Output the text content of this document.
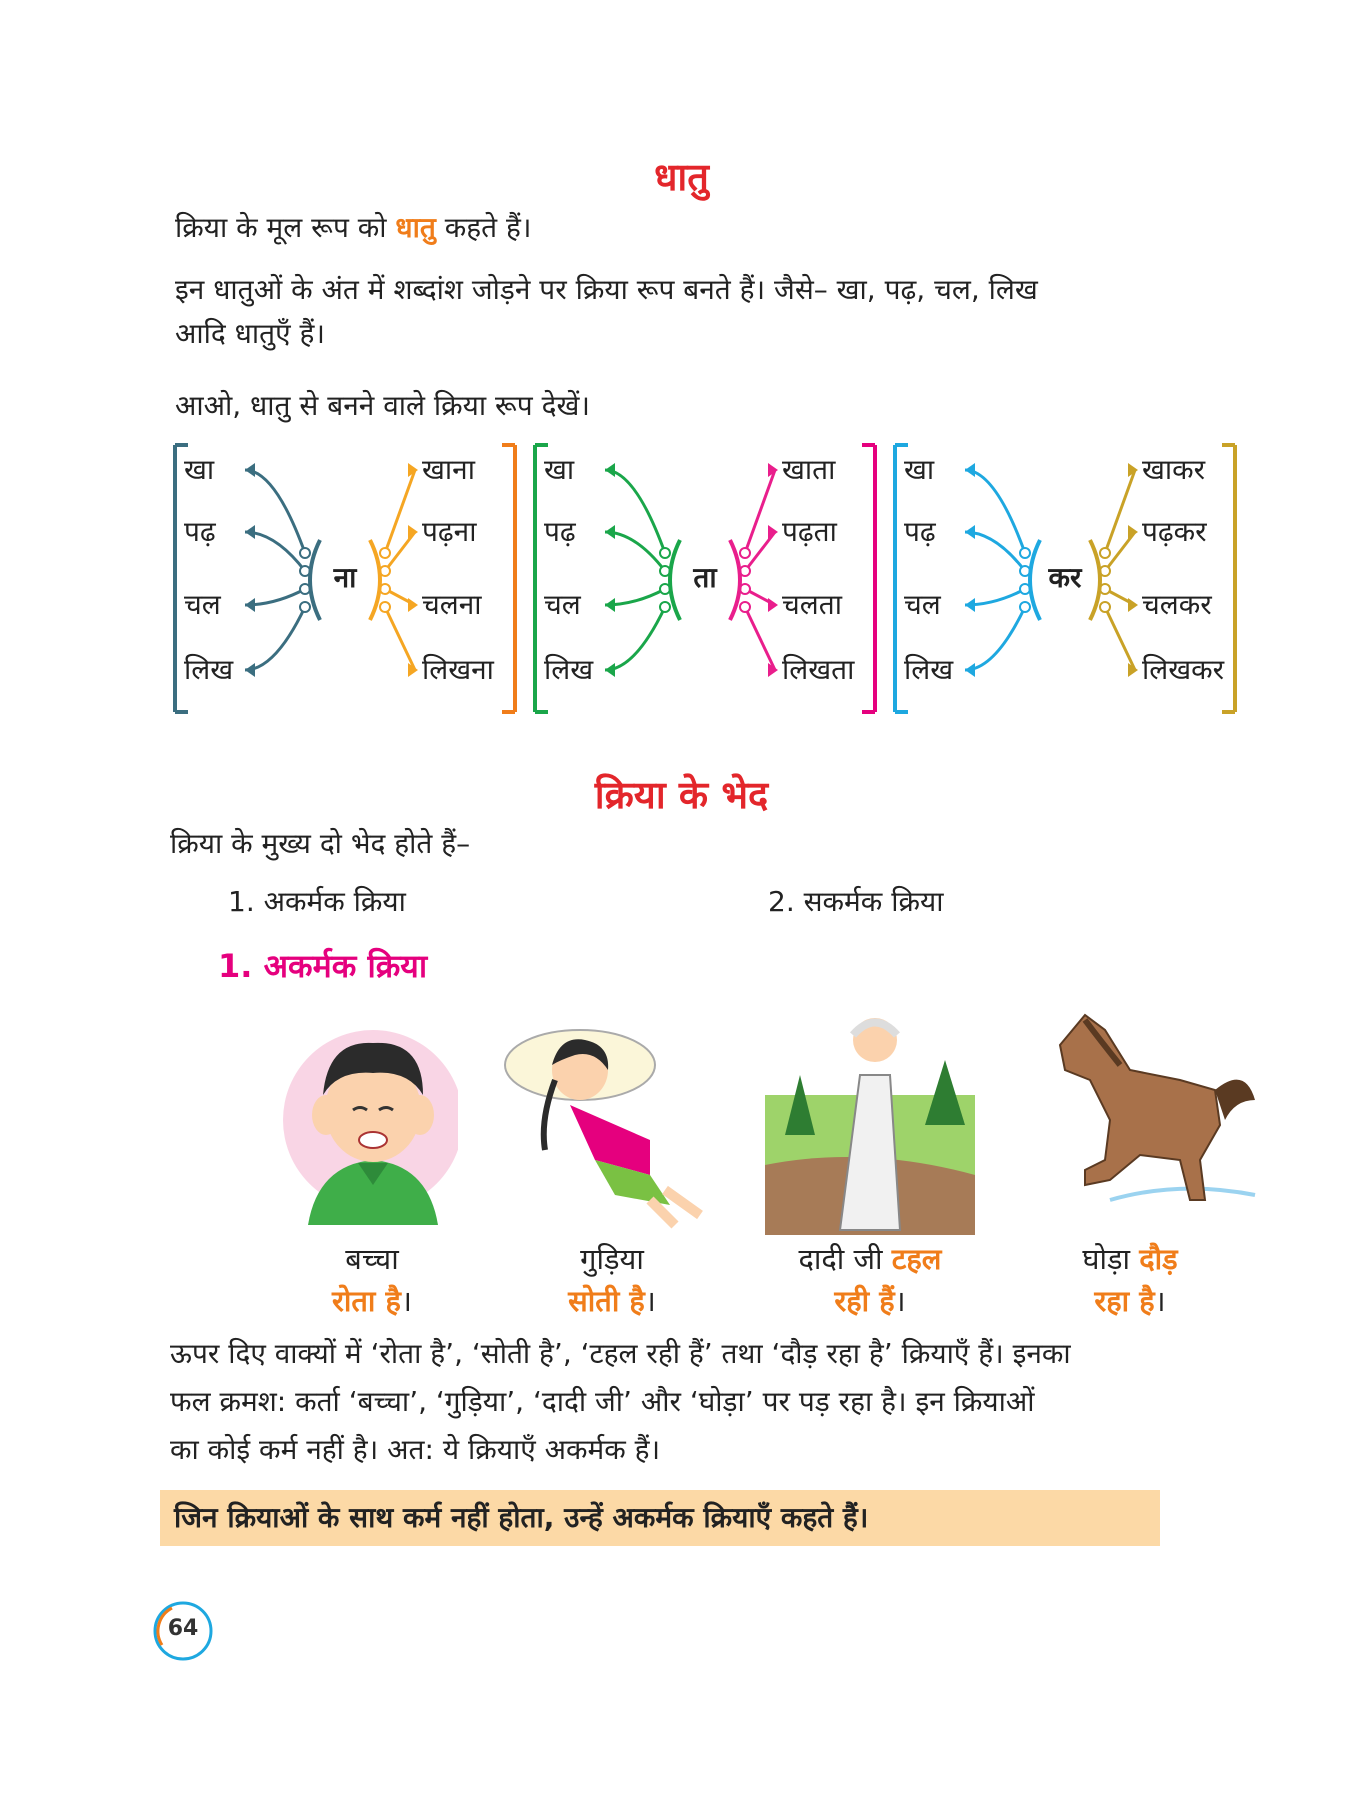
धातु
क्रिया के मूल रूप को धातु कहते हैं।
इन धातुओं के अंत में शब्दांश जोड़ने पर क्रिया रूप बनते हैं। जैसे– खा, पढ़, चल, लिख
आदि धातुएँ हैं।
आओ, धातु से बनने वाले क्रिया रूप देखें।
ना
खा	खाना
पढ़	पढ़ना
चल	चलना
लिख	लिखना
ता
खा	खाता
पढ़	पढ़ता
चल	चलता
लिख	लिखता
कर
खा	खाकर
पढ़	पढ़कर
चल	चलकर
लिख	लिखकर
क्रिया के भेद
क्रिया के मुख्य दो भेद होते हैं–
1. अकर्मक क्रिया	2. सकर्मक क्रिया
1. अकर्मक क्रिया
बच्चा
रोता है।
गुड़िया
सोती है।
दादी जी टहल
रही हैं।
घोड़ा दौड़
रहा है।
ऊपर दिए वाक्यों में ‘रोता है’, ‘सोती है’, ‘टहल रही हैं’ तथा ‘दौड़ रहा है’ क्रियाएँ हैं। इनका
फल क्रमश: कर्ता ‘बच्चा’, ‘गुड़िया’, ‘दादी जी’ और ‘घोड़ा’ पर पड़ रहा है। इन क्रियाओं
का कोई कर्म नहीं है। अत: ये क्रियाएँ अकर्मक हैं।
जिन क्रियाओं के साथ कर्म नहीं होता, उन्हें अकर्मक क्रियाएँ कहते हैं।
64
